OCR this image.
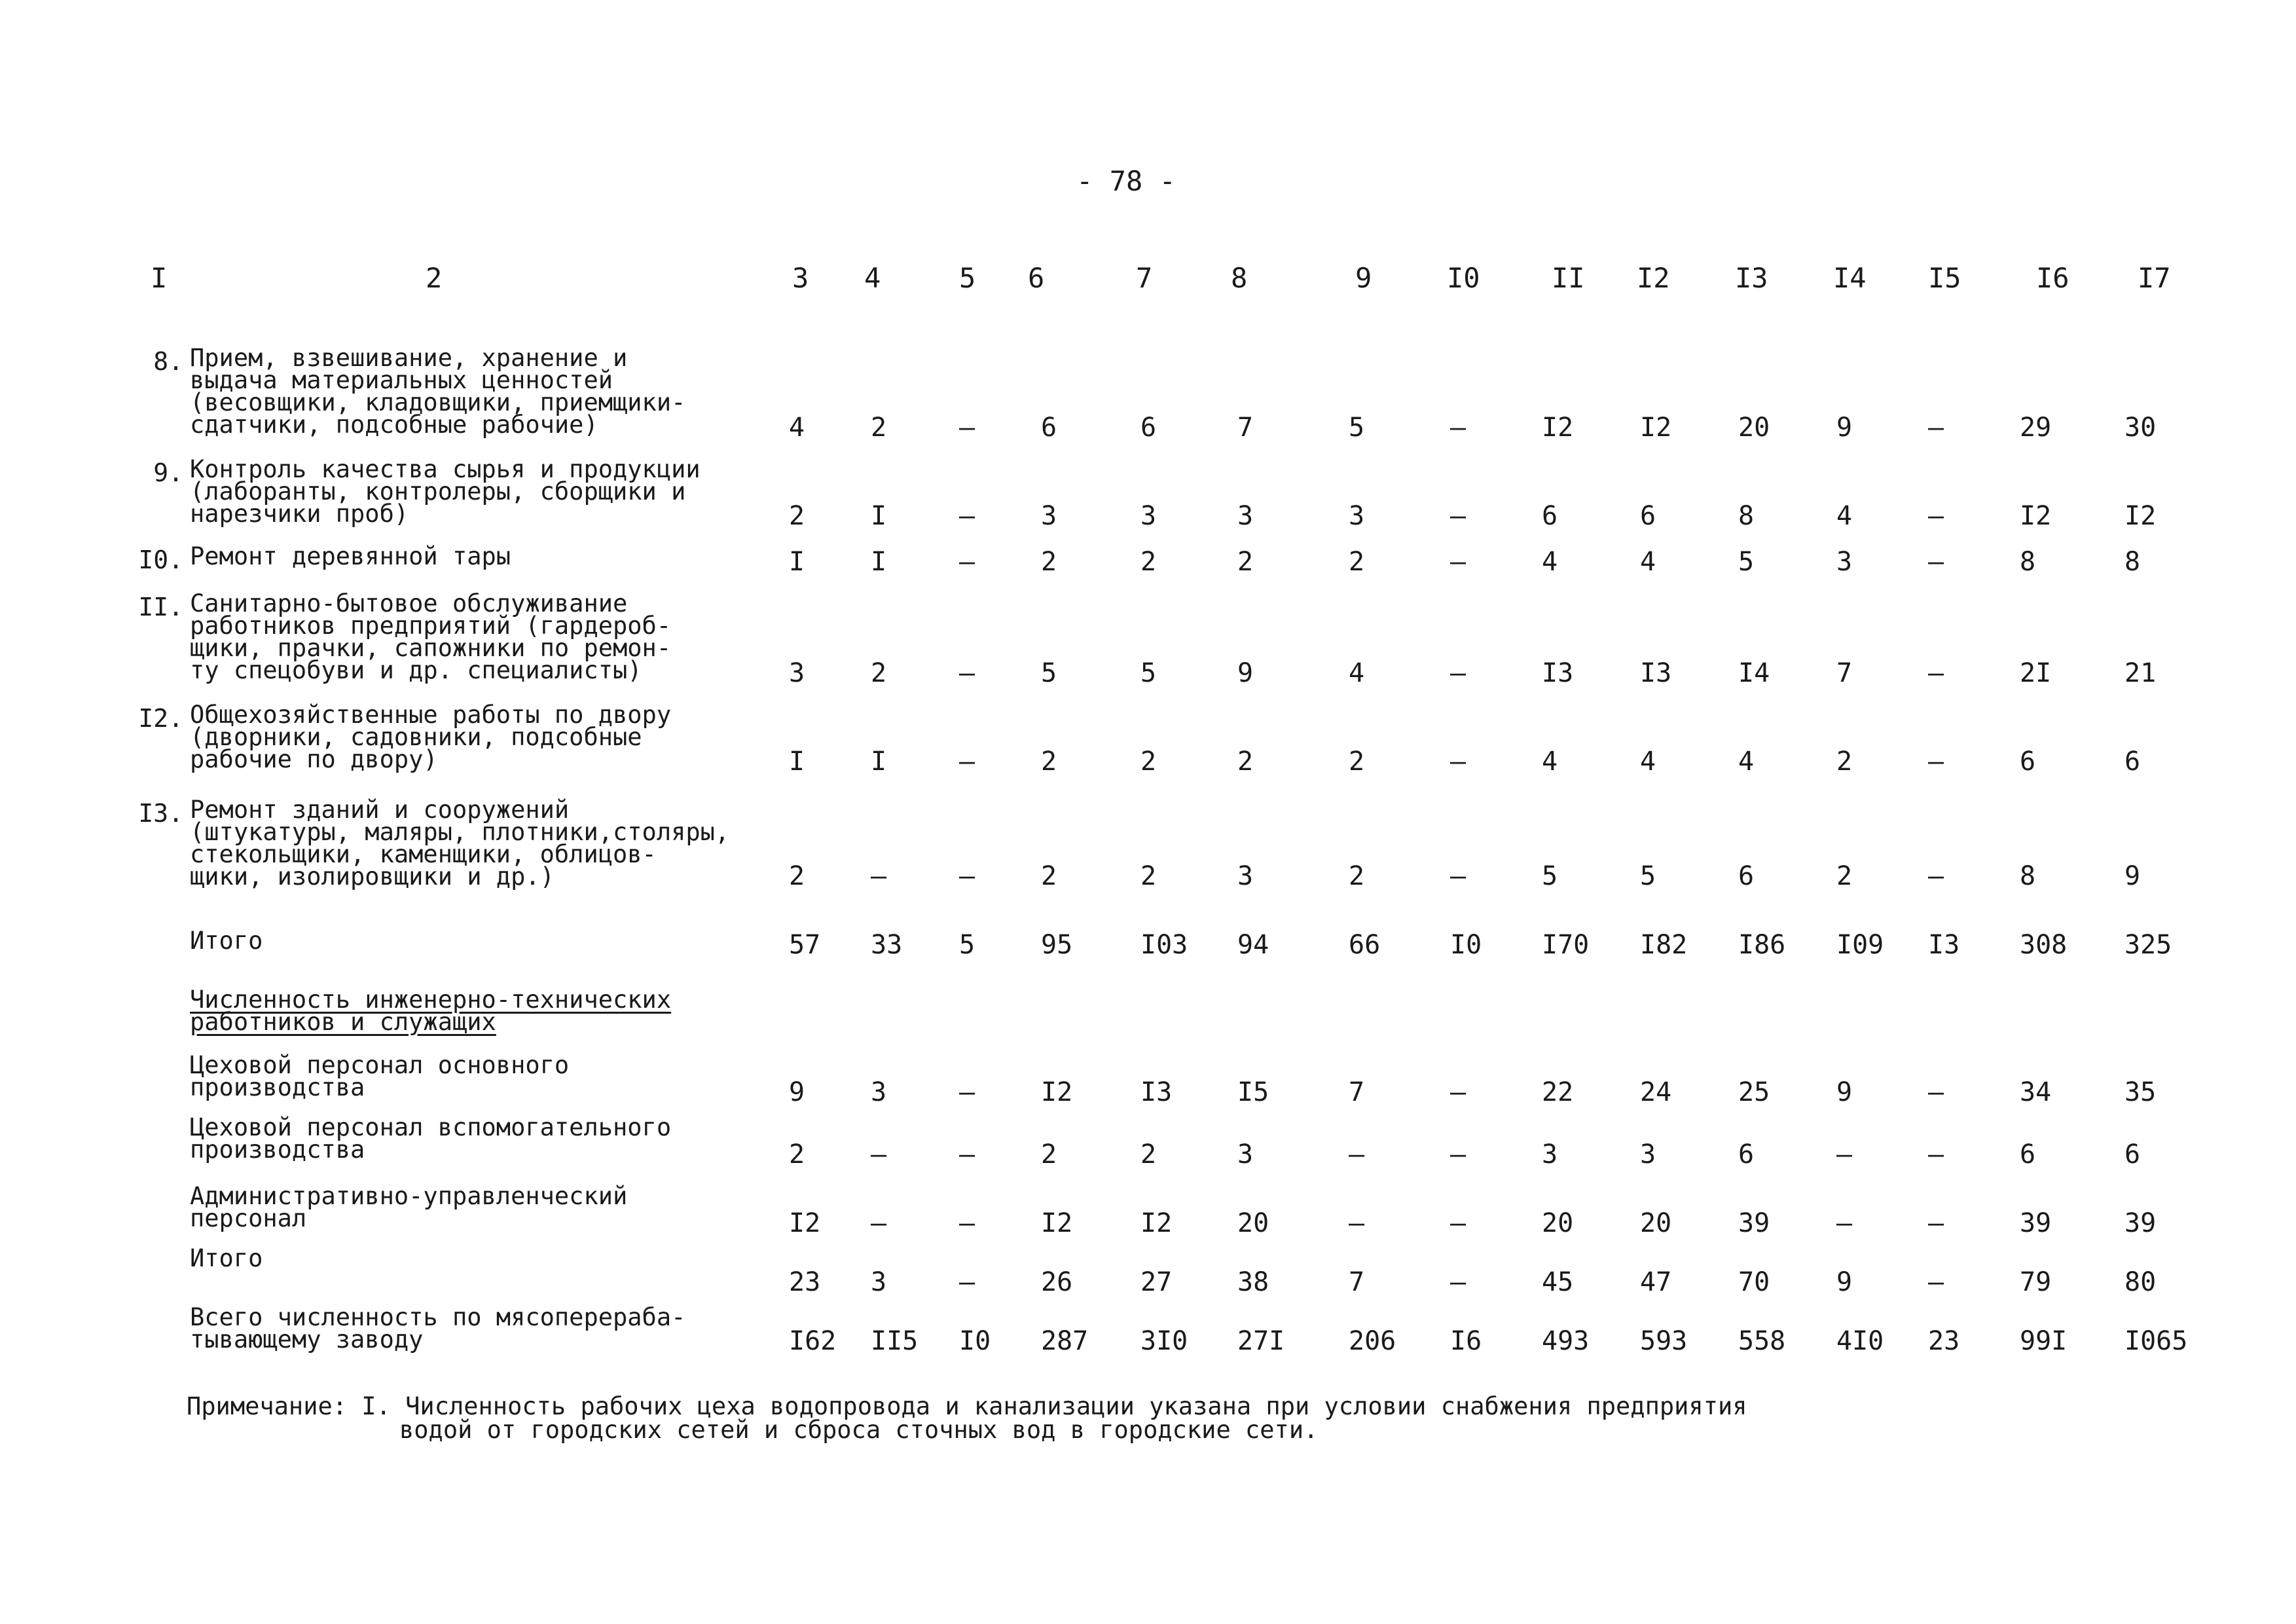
- 78 -
I	2	3 4	5 6	7	8	9	I0	II I2 I3 I4 I5	I6 I7
8. Прием, взвешивание, хранение и
выдача материальных ценностей
(весовщики, кладовщики, приемщики-
сдатчики, подсобные рабочие)	4	2	–	6	6	7	5	–	I2	I2	20	9	–	29	30
9. Контроль качества сырья и продукции
(лаборанты, контролеры, сборщики и
нарезчики проб)	2	I	–	3	3	3	3	–	6	6	8	4	–	I2	I2
I0. Ремонт деревянной тары	I	I	–	2	2	2	2	–	4	4	5	3	–	8	8
II. Санитарно-бытовое обслуживание
работников предприятий (гардероб-
щики, прачки, сапожники по ремон-
ту спецобуви и др. специалисты)	3	2	–	5	5	9	4	–	I3	I3	I4	7	–	2I	21
I2. Общехозяйственные работы по двору
(дворники, садовники, подсобные
рабочие по двору)	I	I	–	2	2	2	2	–	4	4	4	2	–	6	6
I3. Ремонт зданий и сооружений
(штукатуры, маляры, плотники,столяры,
стекольщики, каменщики, облицов-
щики, изолировщики и др.)	2	–	–	2	2	3	2	–	5	5	6	2	–	8	9
Итого	57 33 5	95	I03 94	66	I0 I70 I82 I86 I09 I3 308 325
Численность инженерно-технических
работников и служащих
Цеховой персонал основного
производства	9	3	–	I2	I3 I5	7	–	22	24	25	9	–	34	35
Цеховой персонал вспомогательного
производства	2	–	–	2	2	3	–	–	3	3	6	–	–	6	6
Административно-управленческий
персонал	I2 –	–	I2	I2 20	–	–	20	20	39	–	–	39	39
Итого
23 3	–	26	27 38	7	–	45	47	70	9	–	79	80
Всего численность по мясоперераба-
тывающему заводу	I62 II5 I0 287 3I0 27I 206 I6 493 593 558 4I0 23 99I I065
Примечание: I. Численность рабочих цеха водопровода и канализации указана при условии снабжения предприятия
водой от городских сетей и сброса сточных вод в городские сети.
